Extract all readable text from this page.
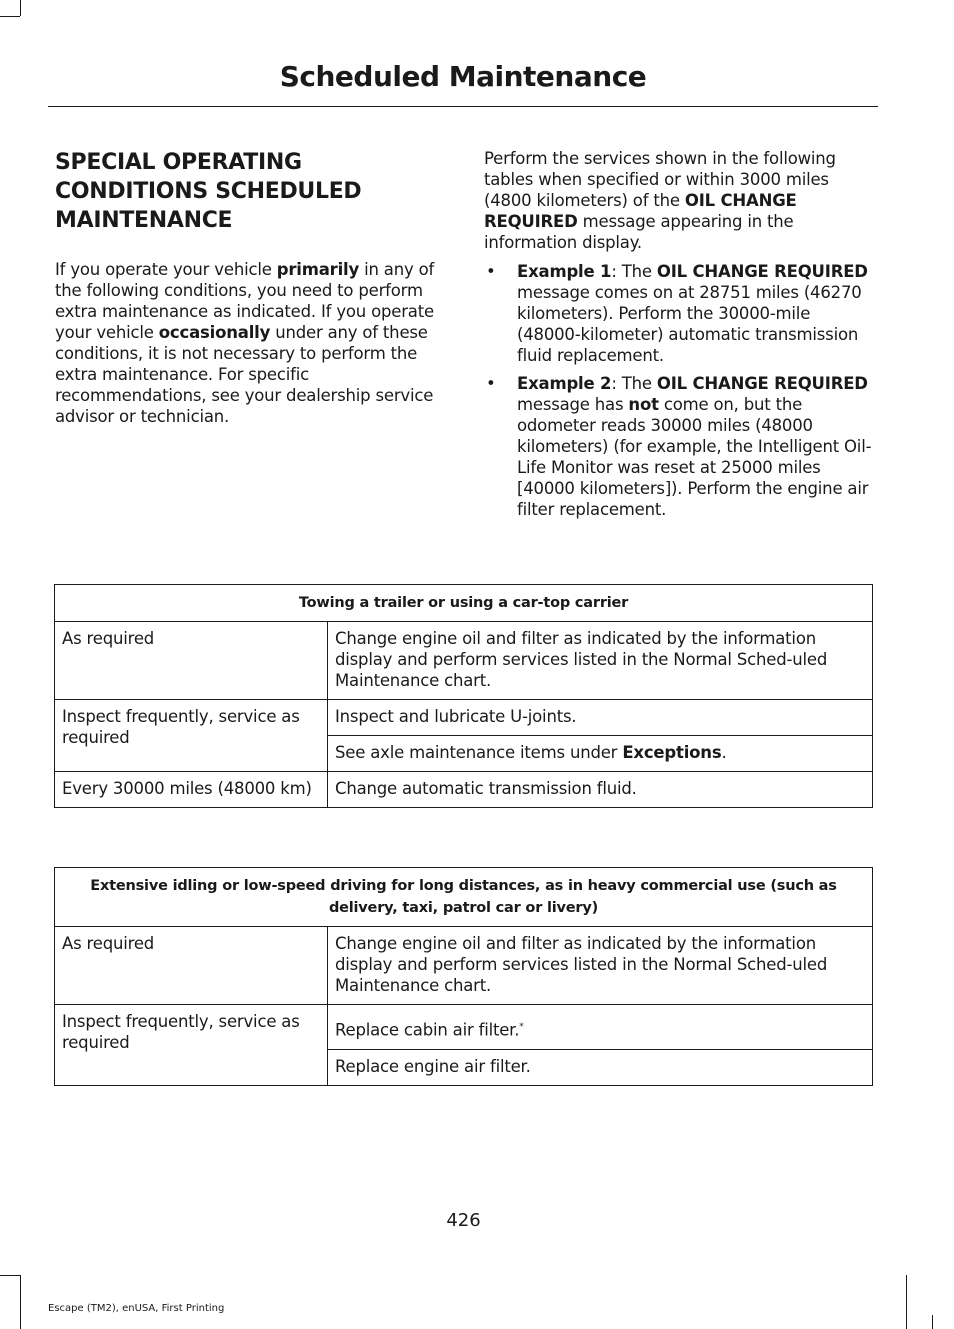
Scheduled Maintenance
SPECIAL OPERATING CONDITIONS SCHEDULED MAINTENANCE

If you operate your vehicle primarily in any of the following conditions, you need to perform extra maintenance as indicated. If you operate your vehicle occasionally under any of these conditions, it is not necessary to perform the extra maintenance. For specific recommendations, see your dealership service advisor or technician.

Perform the services shown in the following tables when specified or within 3000 miles (4800 kilometers) of the OIL CHANGE REQUIRED message appearing in the information display.

• Example 1: The OIL CHANGE REQUIRED message comes on at 28751 miles (46270 kilometers). Perform the 30000-mile (48000-kilometer) automatic transmission fluid replacement.
• Example 2: The OIL CHANGE REQUIRED message has not come on, but the odometer reads 30000 miles (48000 kilometers) (for example, the Intelligent Oil-Life Monitor was reset at 25000 miles [40000 kilometers]). Perform the engine air filter replacement.
Towing a trailer or using a car-top carrier	
As required	Change engine oil and filter as indicated by the information display and perform services listed in the Normal Sched-uled Maintenance chart.
Inspect frequently, service as required	Inspect and lubricate U-joints.
	See axle maintenance items under Exceptions.
Every 30000 miles (48000 km)	Change automatic transmission fluid.
Extensive idling or low-speed driving for long distances, as in heavy commercial use (such as delivery, taxi, patrol car or livery)	
As required	Change engine oil and filter as indicated by the information display and perform services listed in the Normal Sched-uled Maintenance chart.
Inspect frequently, service as required	Replace cabin air filter.*
	Replace engine air filter.
426
Escape (TM2), enUSA, First Printing
